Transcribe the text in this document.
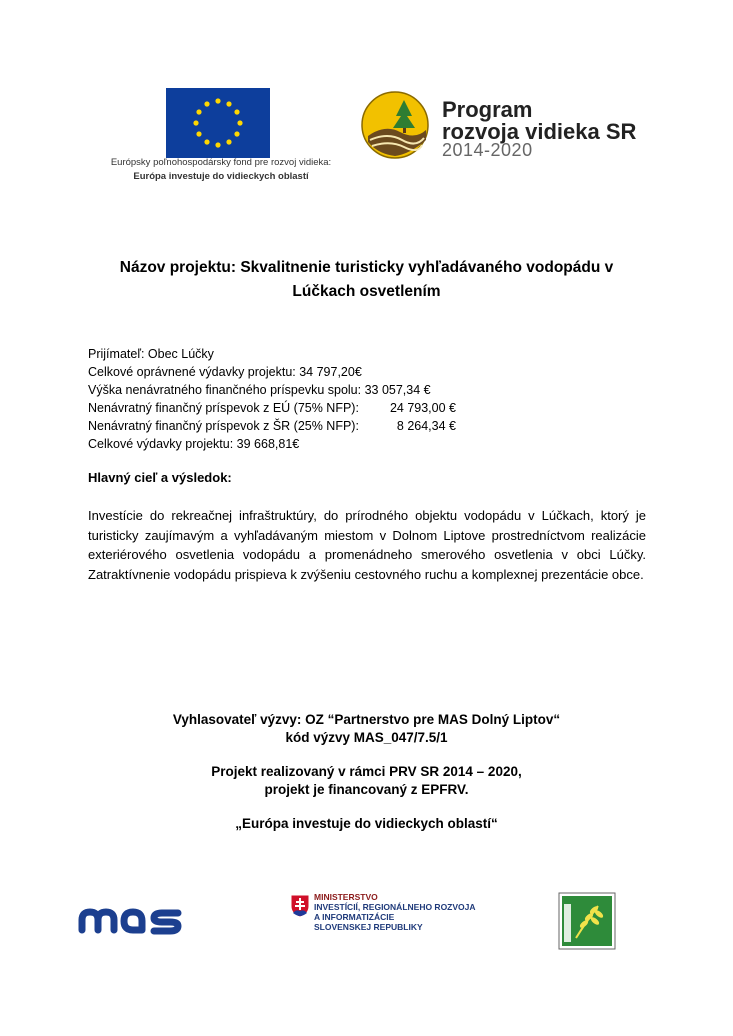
Európsky poľnohospodársky fond pre rozvoj vidieka:
Európa investuje do vidieckych oblastí
Program
rozvoja vidieka SR
2014-2020
Názov projektu: Skvalitnenie turisticky vyhľadávaného vodopádu v
Lúčkach osvetlením
Prijímateľ: Obec Lúčky
Celkové oprávnené výdavky projektu: 34 797,20€
Výška nenávratného finančného príspevku spolu: 33 057,34 €
Nenávratný finančný príspevok z EÚ (75% NFP):	24 793,00 €
Nenávratný finančný príspevok z ŠR (25% NFP):	8 264,34 €
Celkové výdavky projektu: 39 668,81€
Hlavný cieľ a výsledok:
Investície do rekreačnej infraštruktúry, do prírodného objektu vodopádu v Lúčkach, ktorý je turisticky zaujímavým a vyhľadávaným miestom v Dolnom Liptove prostredníctvom realizácie exteriérového osvetlenia vodopádu a promenádneho smerového osvetlenia v obci Lúčky. Zatraktívnenie vodopádu prispieva k zvýšeniu cestovného ruchu a komplexnej prezentácie obce.
Vyhlasovateľ výzvy: OZ “Partnerstvo pre MAS Dolný Liptov“
kód výzvy MAS_047/7.5/1
Projekt realizovaný v rámci PRV SR 2014 – 2020,
projekt je financovaný z EPFRV.
„Európa investuje do vidieckych oblastí“
MINISTERSTVO
INVESTÍCIÍ, REGIONÁLNEHO ROZVOJA
A INFORMATIZÁCIE
SLOVENSKEJ REPUBLIKY
